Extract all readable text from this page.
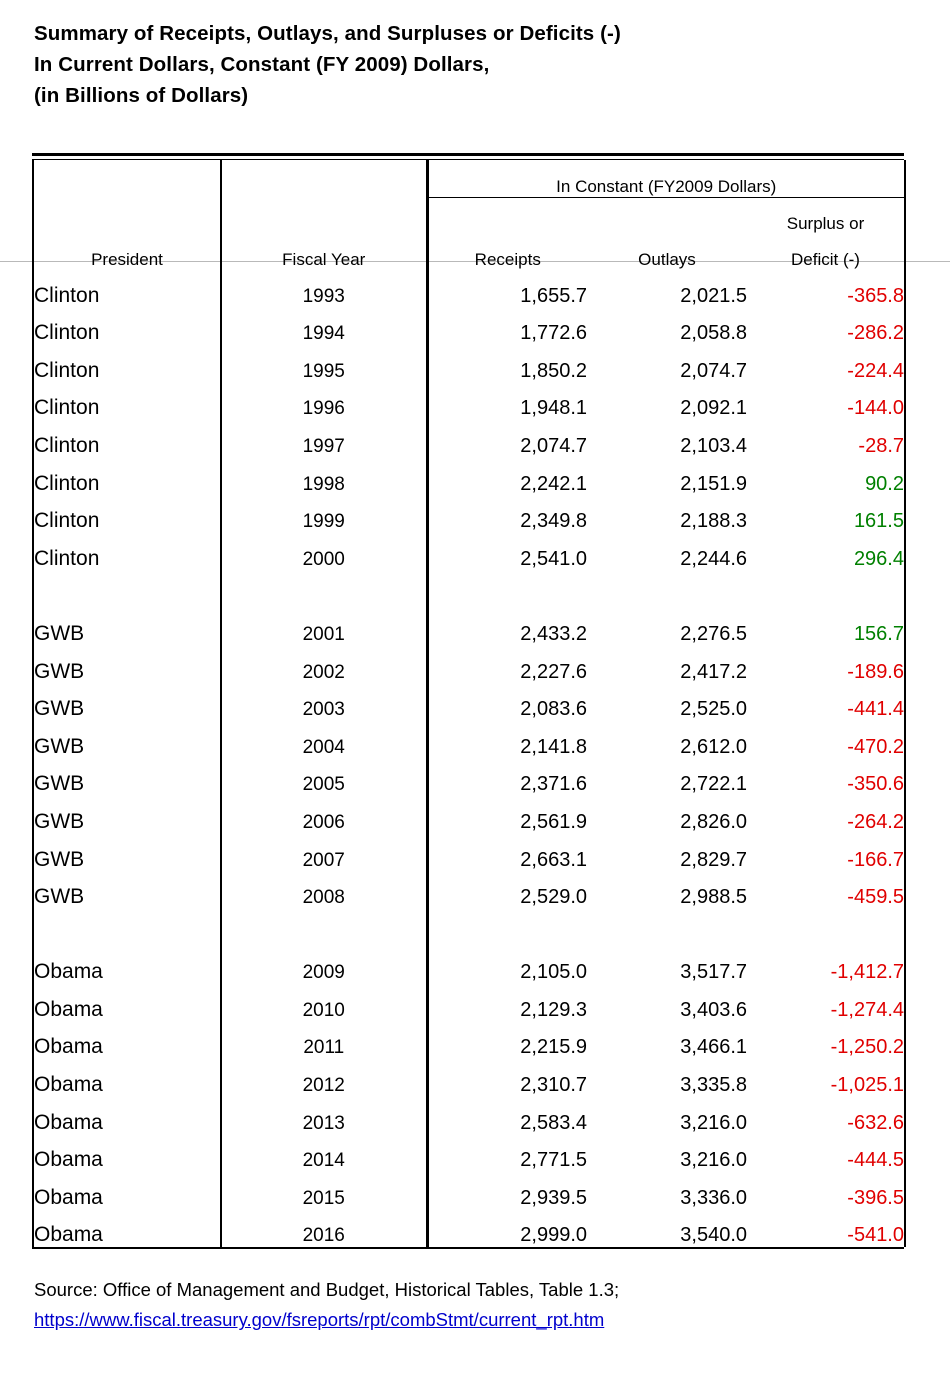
Summary of Receipts, Outlays, and Surpluses or Deficits (-)
In Current Dollars, Constant (FY 2009) Dollars,
(in Billions of Dollars)
		In Constant (FY2009 Dollars)		
				Surplus or
President	Fiscal Year	Receipts	Outlays	Deficit (-)
Clinton	1993	1,655.7	2,021.5	-365.8
Clinton	1994	1,772.6	2,058.8	-286.2
Clinton	1995	1,850.2	2,074.7	-224.4
Clinton	1996	1,948.1	2,092.1	-144.0
Clinton	1997	2,074.7	2,103.4	-28.7
Clinton	1998	2,242.1	2,151.9	90.2
Clinton	1999	2,349.8	2,188.3	161.5
Clinton	2000	2,541.0	2,244.6	296.4

GWB	2001	2,433.2	2,276.5	156.7
GWB	2002	2,227.6	2,417.2	-189.6
GWB	2003	2,083.6	2,525.0	-441.4
GWB	2004	2,141.8	2,612.0	-470.2
GWB	2005	2,371.6	2,722.1	-350.6
GWB	2006	2,561.9	2,826.0	-264.2
GWB	2007	2,663.1	2,829.7	-166.7
GWB	2008	2,529.0	2,988.5	-459.5

Obama	2009	2,105.0	3,517.7	-1,412.7
Obama	2010	2,129.3	3,403.6	-1,274.4
Obama	2011	2,215.9	3,466.1	-1,250.2
Obama	2012	2,310.7	3,335.8	-1,025.1
Obama	2013	2,583.4	3,216.0	-632.6
Obama	2014	2,771.5	3,216.0	-444.5
Obama	2015	2,939.5	3,336.0	-396.5
Obama	2016	2,999.0	3,540.0	-541.0
Source: Office of Management and Budget, Historical Tables, Table 1.3;
https://www.fiscal.treasury.gov/fsreports/rpt/combStmt/current_rpt.htm
